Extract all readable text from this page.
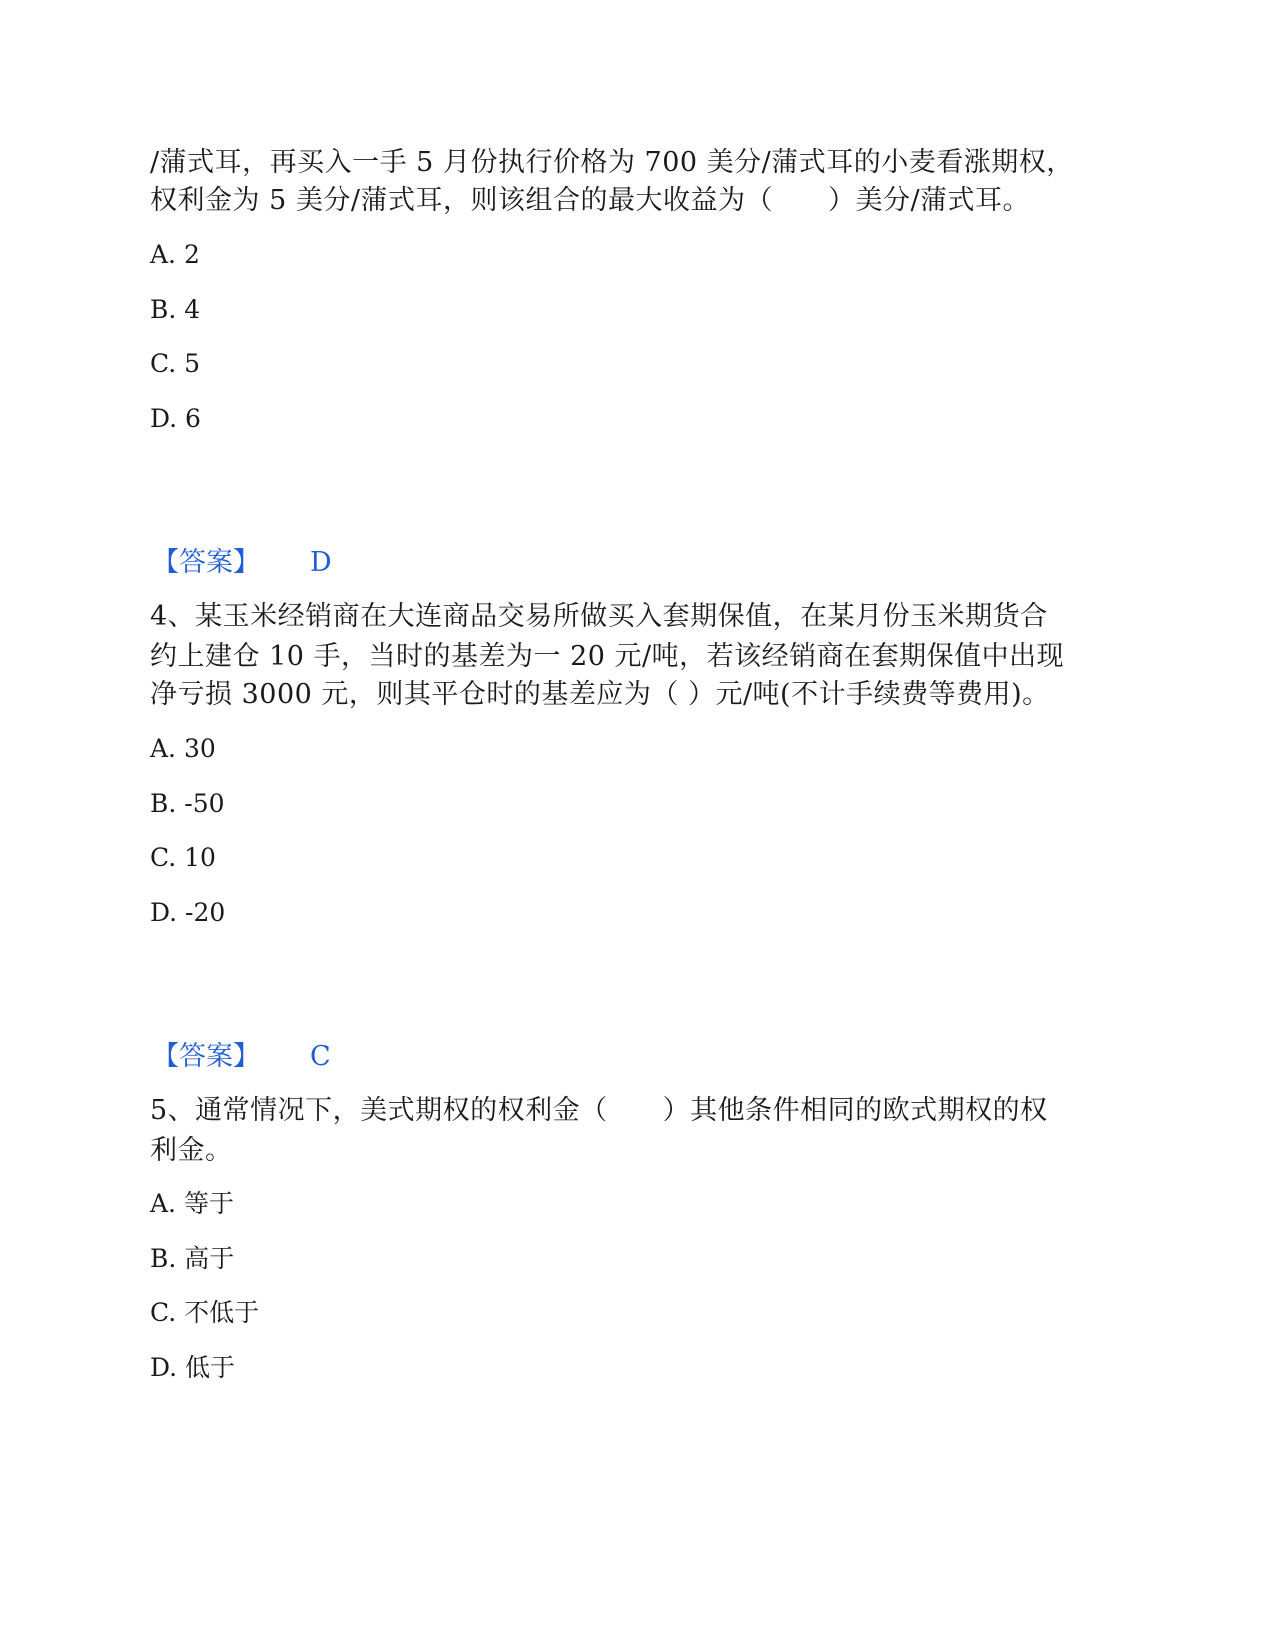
/蒲式耳，再买入一手 5 月份执行价格为 700 美分/蒲式耳的小麦看涨期权，
权利金为 5 美分/蒲式耳，则该组合的最大收益为（　　）美分/蒲式耳。
A. 2
B. 4
C. 5
D. 6
【答案】 D
4、某玉米经销商在大连商品交易所做买入套期保值，在某月份玉米期货合
约上建仓 10 手，当时的基差为一 20 元/吨，若该经销商在套期保值中出现
净亏损 3000 元，则其平仓时的基差应为（ ）元/吨(不计手续费等费用)。
A. 30
B. -50
C. 10
D. -20
【答案】 C
5、通常情况下，美式期权的权利金（　　）其他条件相同的欧式期权的权
利金。
A. 等于
B. 高于
C. 不低于
D. 低于
